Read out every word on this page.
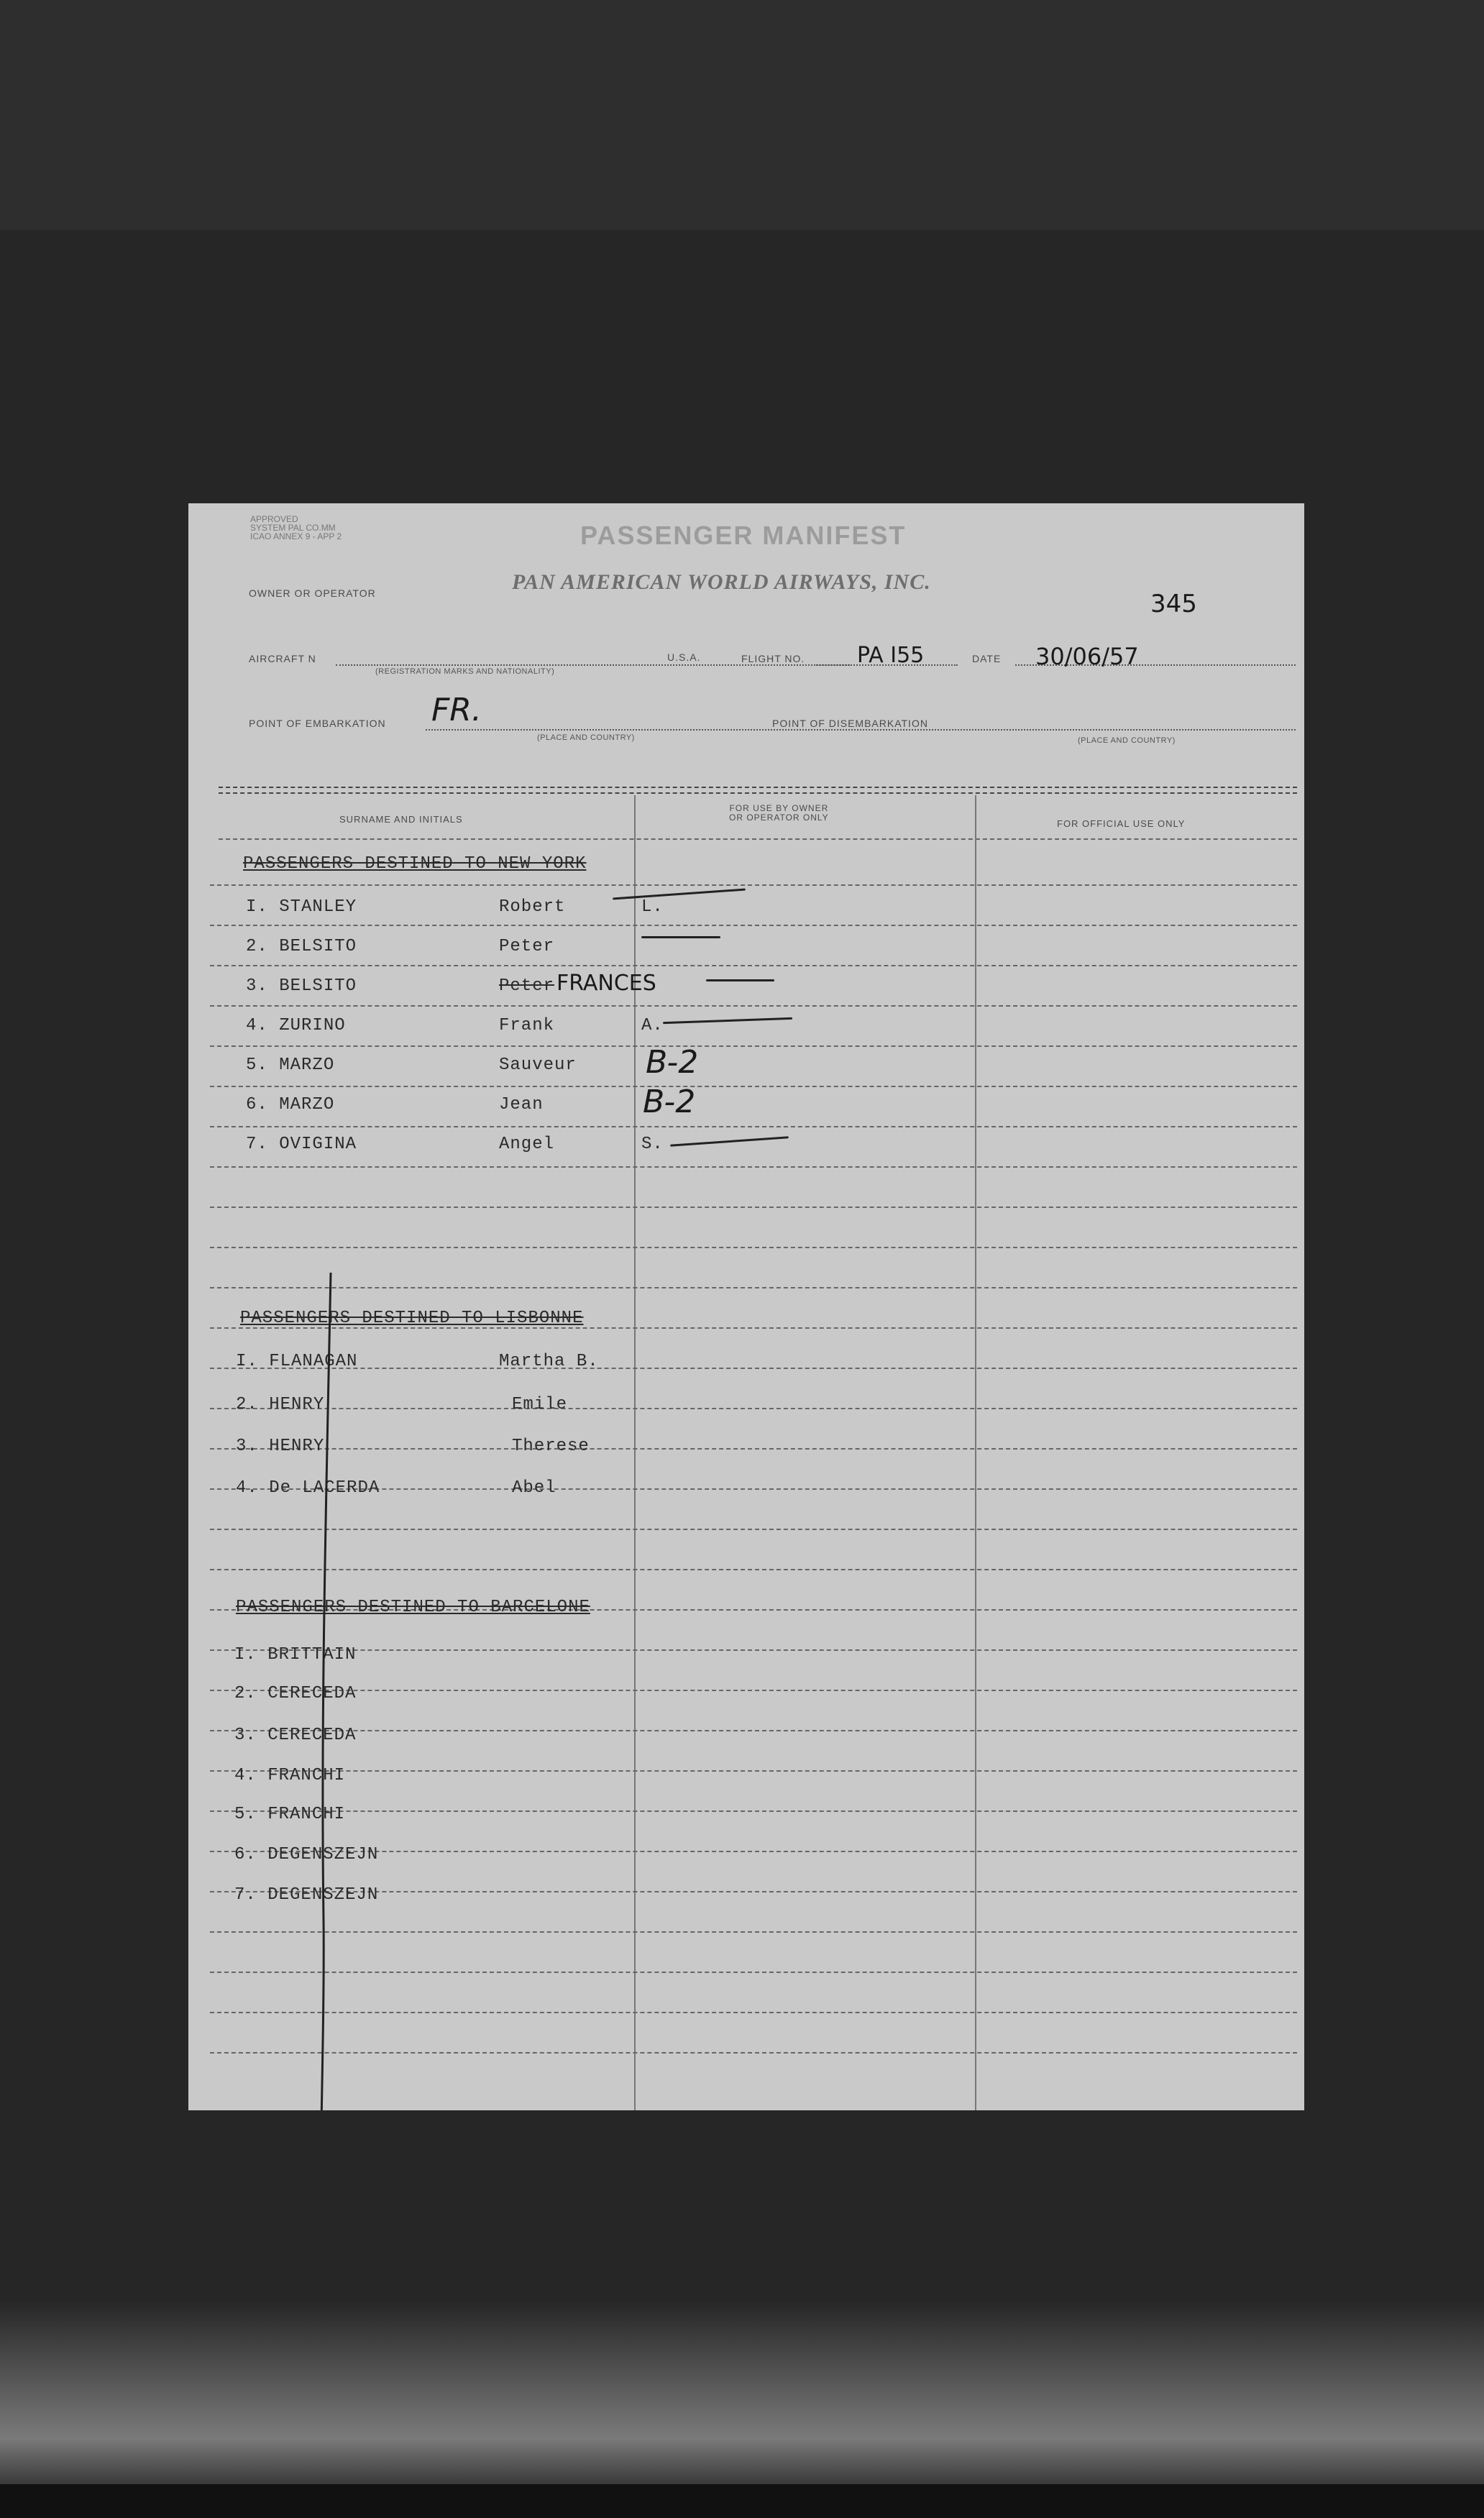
APPROVED
SYSTEM PAL CO.MM
ICAO ANNEX 9 - APP 2	PASSENGER MANIFEST
OWNER OR OPERATOR	PAN AMERICAN WORLD AIRWAYS, INC.
345
AIRCRAFT N
(REGISTRATION MARKS AND NATIONALITY)
U.S.A.	FLIGHT NO. PA I55	DATE 30/06/57
POINT OF EMBARKATION FR.
(PLACE AND COUNTRY)
POINT OF DISEMBARKATION
(PLACE AND COUNTRY)
SURNAME AND INITIALS
FOR USE BY OWNER
OR OPERATOR ONLY
FOR OFFICIAL USE ONLY
PASSENGERS DESTINED TO NEW YORK
I. STANLEY	Robert	L.
2. BELSITO	Peter
3. BELSITO	Peter FRANCES
4. ZURINO	Frank	A.
5. MARZO	Sauveur B-2
6. MARZO	Jean	B-2
7. OVIGINA	Angel	S.
PASSENGERS DESTINED TO LISBONNE
I. FLANAGAN	Martha B.
2. HENRY	Emile
3. HENRY	Therese
4. De LACERDA	Abel
PASSENGERS DESTINED TO BARCELONE
I. BRITTAIN
2. CERECEDA
3. CERECEDA
4. FRANCHI
5. FRANCHI
6. DEGENSZEJN
7. DEGENSZEJN
